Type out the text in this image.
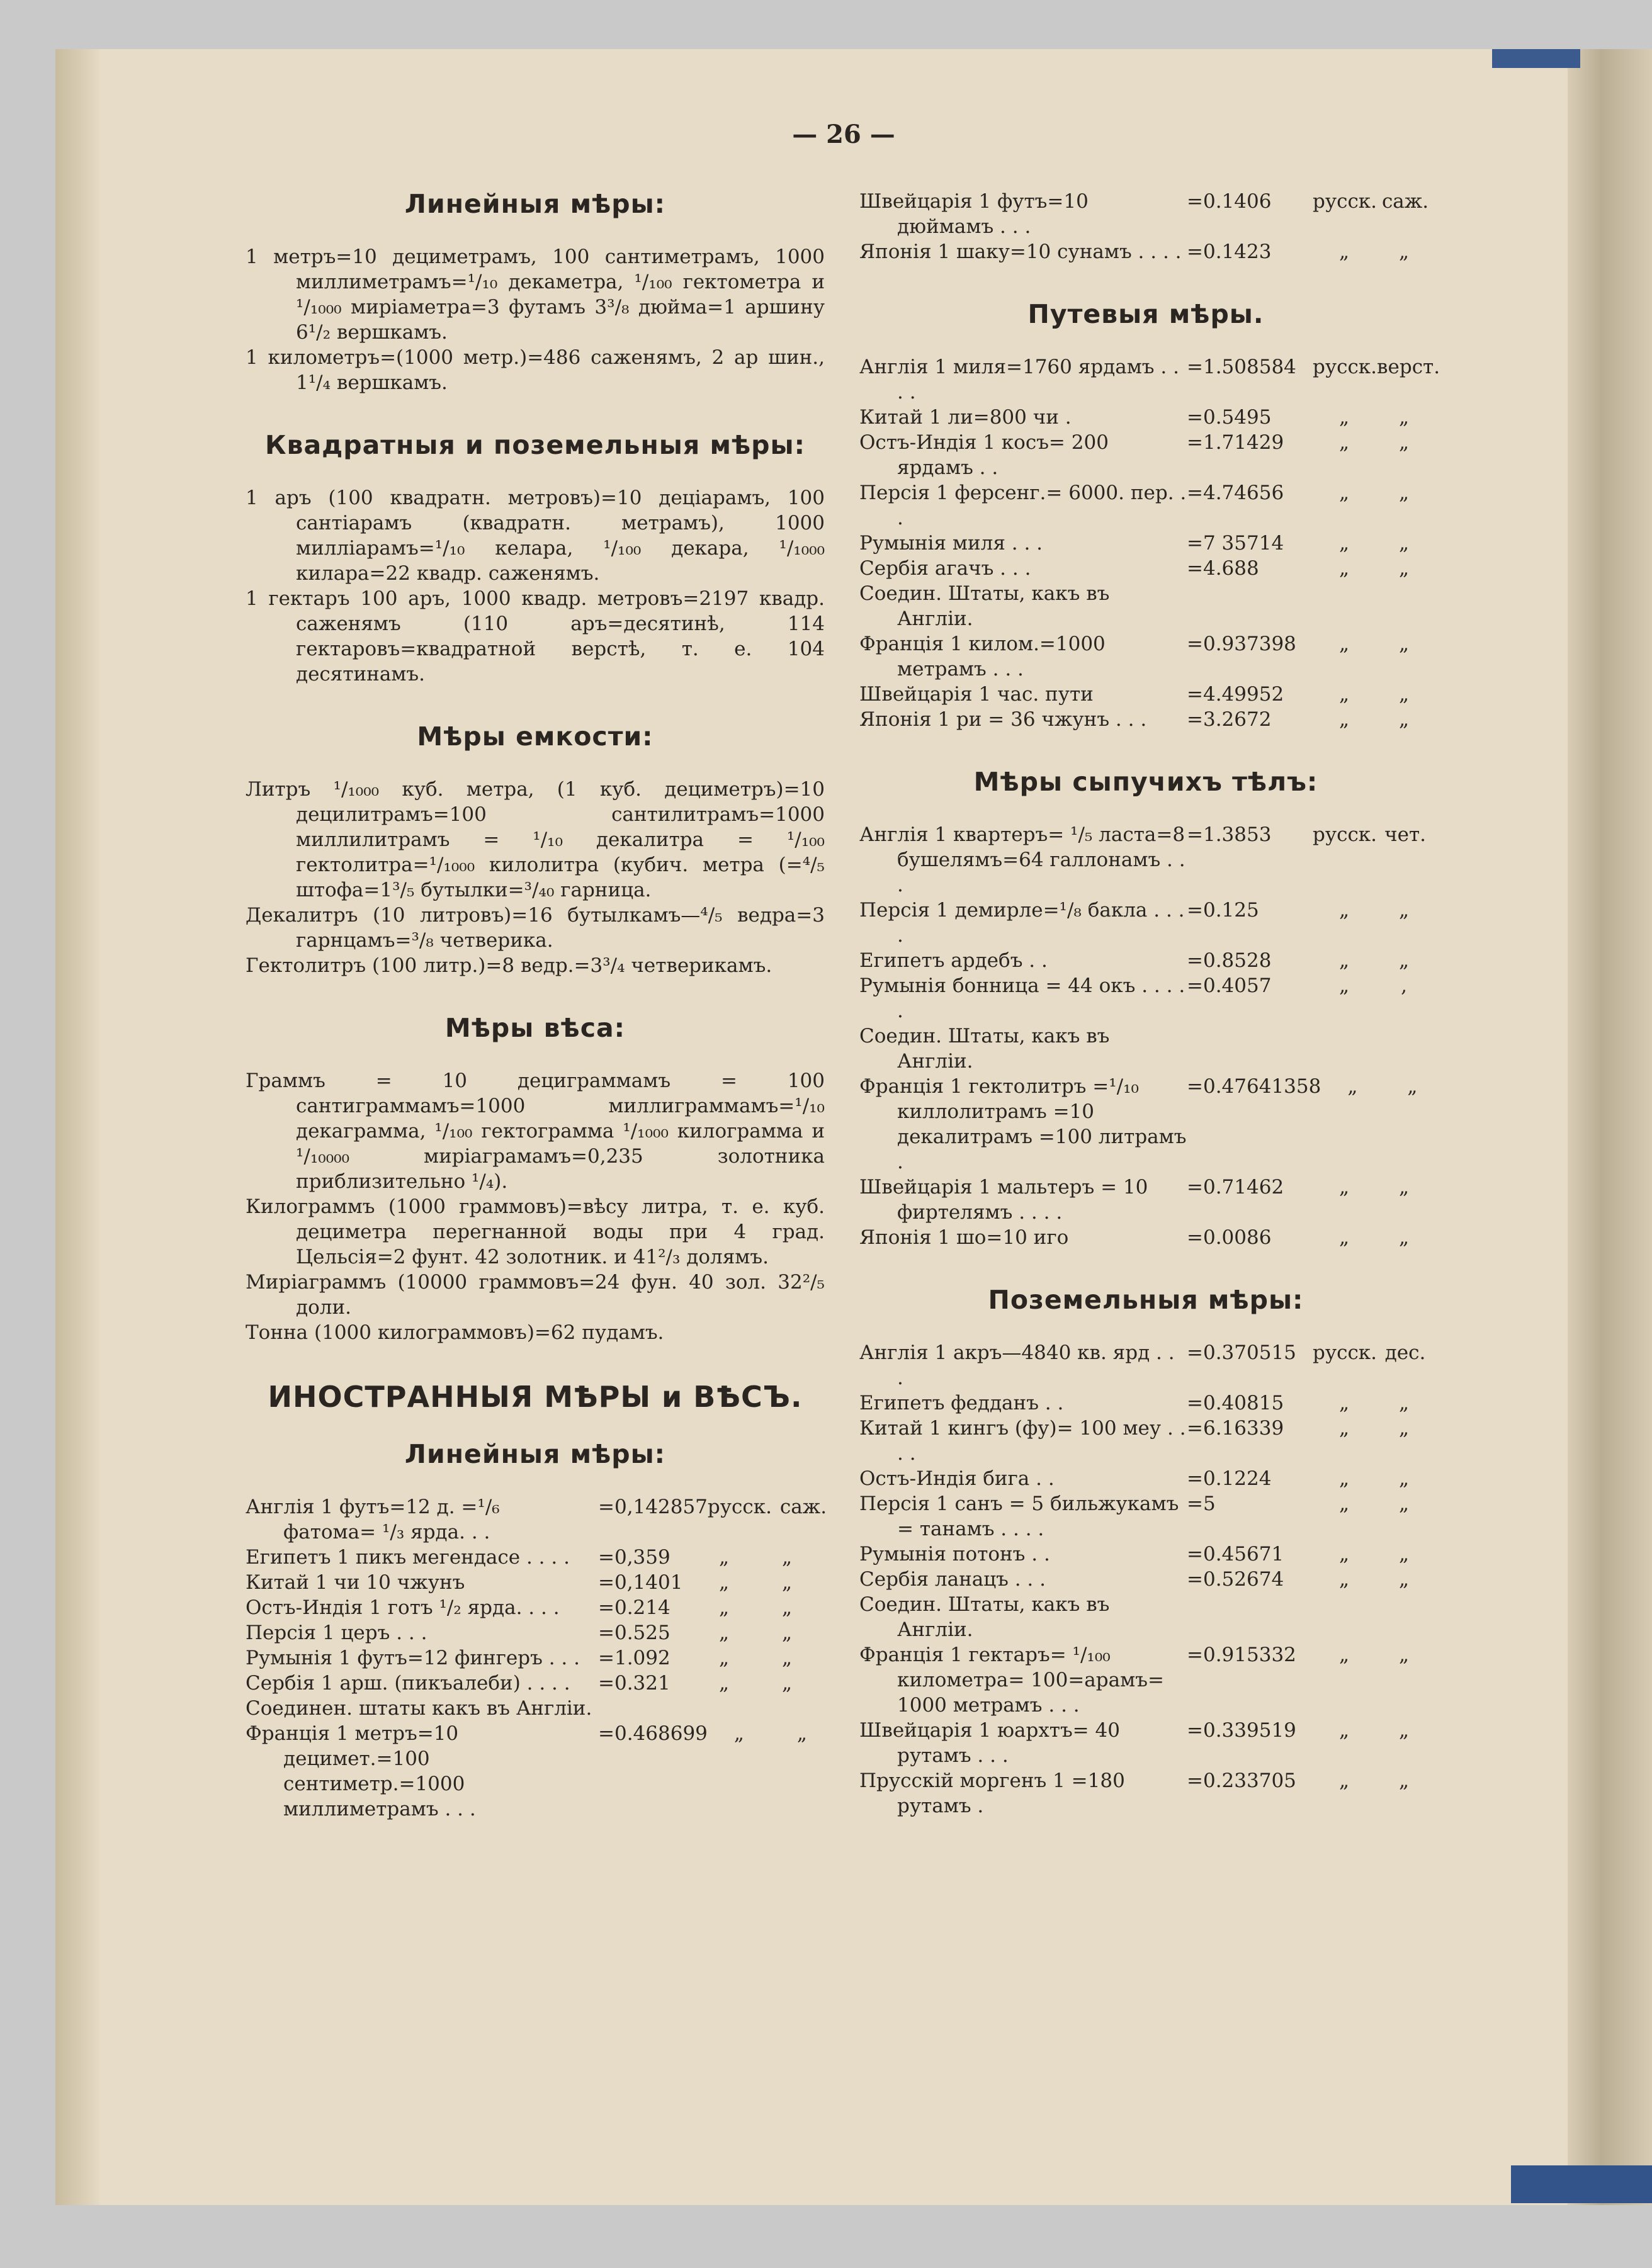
— 26 —
Линейныя мѣры:

1 метръ=10 дециметрамъ, 100 сантиметрамъ, 1000 миллиметрамъ=¹/₁₀ декаметра, ¹/₁₀₀ гектометра и ¹/₁₀₀₀ миріаметра=3 футамъ 3³/₈ дюйма=1 аршину 6¹/₂ вершкамъ.
1 километръ=(1000 метр.)=486 саженямъ, 2 ар шин., 1¹/₄ вершкамъ.

Квадратныя и поземельныя мѣры:

1 аръ (100 квадратн. метровъ)=10 деціарамъ, 100 сантіарамъ (квадратн. метрамъ), 1000 милліарамъ=¹/₁₀ келара, ¹/₁₀₀ декара, ¹/₁₀₀₀ килара=22 квадр. саженямъ.
1 гектаръ 100 аръ, 1000 квадр. метровъ=2197 квадр. саженямъ (110 аръ=десятинѣ, 114 гектаровъ=квадратной верстѣ, т. е. 104 десятинамъ.

Мѣры емкости:

Литръ ¹/₁₀₀₀ куб. метра, (1 куб. дециметръ)=10 децилитрамъ=100 сантилитрамъ=1000 миллилитрамъ = ¹/₁₀ декалитра = ¹/₁₀₀ гектолитра=¹/₁₀₀₀ килолитра (кубич. метра (=⁴/₅ штофа=1³/₅ бутылки=³/₄₀ гарница.
Декалитръ (10 литровъ)=16 бутылкамъ—⁴/₅ ведра=3 гарнцамъ=³/₈ четверика.
Гектолитръ (100 литр.)=8 ведр.=3³/₄ четверикамъ.

Мѣры вѣса:

Граммъ = 10 дециграммамъ = 100 сантиграммамъ=1000 миллиграммамъ=¹/₁₀ декаграмма, ¹/₁₀₀ гектограмма ¹/₁₀₀₀ килограмма и ¹/₁₀₀₀₀ миріаграмамъ=0,235 золотника приблизительно ¹/₄).
Килограммъ (1000 граммовъ)=вѣсу литра, т. е. куб. дециметра перегнанной воды при 4 град. Цельсія=2 фунт. 42 золотник. и 41²/₃ долямъ.
Миріаграммъ (10000 граммовъ=24 фун. 40 зол. 32²/₅ доли.
Тонна (1000 килограммовъ)=62 пудамъ.

ИНОСТРАННЫЯ МѢРЫ и ВѢСЪ.
Линейныя мѣры:
Англія 1 футъ=12 д. =¹/₆ фатома= ¹/₃ ярда. . .
=0,142857 русск. саж.
Египетъ 1 пикъ мегендасе . . . .	=0,359	„	„
Китай 1 чи 10 чжунъ	=0,1401	„	„
Остъ-Индія 1 готъ ¹/₂ ярда. . . .	=0.214	„	„
Персія 1 церъ . . .	=0.525	„	„
Румынія 1 футъ=12 фингеръ . . . =1.092	„	„
Сербія 1 арш. (пикъалеби) . . . .	=0.321	„	„
Соединен. штаты какъ въ Англіи.
Франція 1 метръ=10 децимет.=100 сентиметр.=1000 миллиметрамъ . . .
=0.468699	„	„
Швейцарія 1 футъ=10 дюймамъ . . .
=0.1406	русск. саж.
Японія 1 шаку=10 сунамъ . . . . =0.1423	„	„
Путевыя мѣры.
Англія 1 миля=1760 ярдамъ . . . .
=1.508584 русск. верст.
Китай 1 ли=800 чи .	=0.5495	„	„
Остъ-Индія 1 косъ= 200 ярдамъ . .
=1.71429	„	„
Персія 1 ферсенг.= 6000. пер. . .
=4.74656	„	„
Румынія миля . . .	=7 35714	„	„
Сербія агачъ . . .	=4.688	„	„
Соедин. Штаты, какъ въ Англіи.
Франція 1 килом.=1000 метрамъ . . .
=0.937398	„	„
Швейцарія 1 час. пути	=4.49952	„	„
Японія 1 ри = 36 чжунъ . . .	=3.2672	„	„
Мѣры сыпучихъ тѣлъ:
Англія 1 квартеръ= ¹/₅ ласта=8 бушелямъ=64 галлонамъ . . .
=1.3853	русск. чет.
Персія 1 демирле=¹/₈ бакла . . . .
=0.125	„	„
Египетъ ардебъ . .	=0.8528	„	„
Румынія бонница = 44 окъ . . . . .
=0.4057	„	,
Соедин. Штаты, какъ въ Англіи.
Франція 1 гектолитръ =¹/₁₀ киллолитрамъ =10 декалитрамъ =100 литрамъ .
=0.47641358	„	„
Швейцарія 1 мальтеръ = 10 фиртелямъ . . . .
=0.71462	„	„
Японія 1 шо=10 иго	=0.0086	„	„
Поземельныя мѣры:
Англія 1 акръ—4840 кв. ярд . . .
=0.370515 русск. дес.
Египетъ федданъ . .	=0.40815	„	„
Китай 1 кингъ (фу)= 100 меу . . . .
=6.16339	„	„
Остъ-Индія бига . .	=0.1224	„	„
Персія 1 санъ = 5 бильжукамъ = танамъ . . . .
=5	„	„
Румынія потонъ . .	=0.45671	„	„
Сербія ланацъ . . .	=0.52674	„	„
Соедин. Штаты, какъ въ Англіи.
Франція 1 гектаръ= ¹/₁₀₀ километра= 100=арамъ= 1000 метрамъ . . .
=0.915332	„	„
Швейцарія 1 юархтъ= 40 рутамъ . . .
=0.339519	„	„
Прусскій моргенъ 1 =180 рутамъ .
=0.233705	„	„
